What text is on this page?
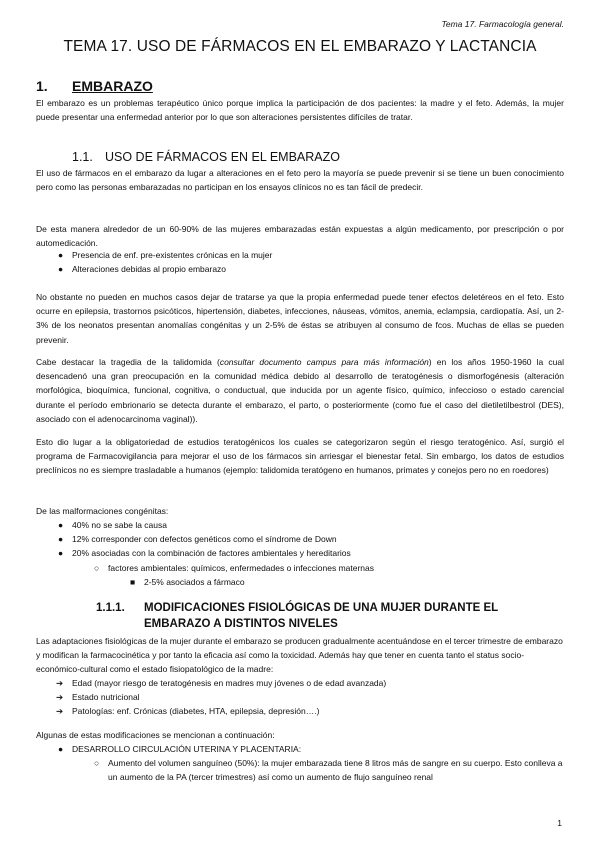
Tema 17. Farmacología general.
TEMA 17. USO DE FÁRMACOS EN EL EMBARAZO Y LACTANCIA
1. EMBARAZO
El embarazo es un problemas terapéutico único porque implica la participación de dos pacientes: la madre y el feto. Además, la mujer puede presentar una enfermedad anterior por lo que son alteraciones persistentes difíciles de tratar.
1.1. USO DE FÁRMACOS EN EL EMBARAZO
El uso de fármacos en el embarazo da lugar a alteraciones en el feto pero la mayoría se puede prevenir si se tiene un buen conocimiento pero como las personas embarazadas no participan en los ensayos clínicos no es tan fácil de predecir.
De esta manera alrededor de un 60-90% de las mujeres embarazadas están expuestas a algún medicamento, por prescripción o por automedicación.
● Presencia de enf. pre-existentes crónicas en la mujer
● Alteraciones debidas al propio embarazo
No obstante no pueden en muchos casos dejar de tratarse ya que la propia enfermedad puede tener efectos deletéreos en el feto. Esto ocurre en epilepsia, trastornos psicóticos, hipertensión, diabetes, infecciones, náuseas, vómitos, anemia, eclampsia, cardiopatía. Así, un 2-3% de los neonatos presentan anomalías congénitas y un 2-5% de éstas se atribuyen al consumo de fcos. Muchas de ellas se pueden prevenir.
Cabe destacar la tragedia de la talidomida (consultar documento campus para más información) en los años 1950-1960 la cual desencadenó una gran preocupación en la comunidad médica debido al desarrollo de teratogénesis o dismorfogénesis (alteración morfológica, bioquímica, funcional, cognitiva, o conductual, que inducida por un agente físico, químico, infeccioso o estado carencial durante el período embrionario se detecta durante el embarazo, el parto, o posteriormente (como fue el caso del dietiletilbestrol (DES), asociado con el adenocarcinoma vaginal)).
Esto dio lugar a la obligatoriedad de estudios teratogénicos los cuales se categorizaron según el riesgo teratogénico. Así, surgió el programa de Farmacovigilancia para mejorar el uso de los fármacos sin arriesgar el bienestar fetal. Sin embargo, los datos de estudios preclínicos no es siempre trasladable a humanos (ejemplo: talidomida teratógeno en humanos, primates y conejos pero no en roedores)
De las malformaciones congénitas:
● 40% no se sabe la causa
● 12% corresponder con defectos genéticos como el síndrome de Down
● 20% asociadas con la combinación de factores ambientales y hereditarios
○ factores ambientales: químicos, enfermedades o infecciones maternas
■ 2-5% asociados a fármaco
1.1.1. MODIFICACIONES FISIOLÓGICAS DE UNA MUJER DURANTE EL EMBARAZO A DISTINTOS NIVELES
Las adaptaciones fisiológicas de la mujer durante el embarazo se producen gradualmente acentuándose en el tercer trimestre de embarazo y modifican la farmacocinética y por tanto la eficacia así como la toxicidad. Además hay que tener en cuenta tanto el status socio-económico-cultural como el estado fisiopatológico de la madre:
➔ Edad (mayor riesgo de teratogénesis en madres muy jóvenes o de edad avanzada)
➔ Estado nutricional
➔ Patologías: enf. Crónicas (diabetes, HTA, epilepsia, depresión….)
Algunas de estas modificaciones se mencionan a continuación:
● DESARROLLO CIRCULACIÓN UTERINA Y PLACENTARIA:
○ Aumento del volumen sanguíneo (50%): la mujer embarazada tiene 8 litros más de sangre en su cuerpo. Esto conlleva a un aumento de la PA (tercer trimestres) así como un aumento de flujo sanguíneo renal
1
